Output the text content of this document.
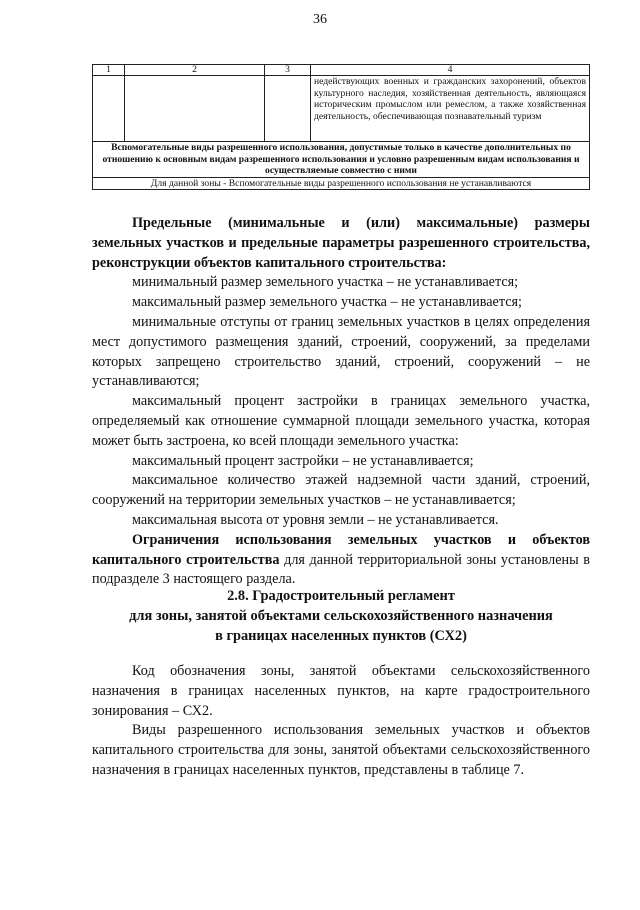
36
1	2	3	4
			недействующих военных и гражданских захоронений, объектов культурного наследия, хозяйственная деятельность, являющаяся историческим промыслом или ремеслом, а также хозяйственная деятельность, обеспечивающая познавательный туризм
Вспомогательные виды разрешенного использования, допустимые только в качестве дополнительных по отношению к основным видам разрешенного использования и условно разрешенным видам использования и осуществляемые совместно с ними			
Для данной зоны - Вспомогательные виды разрешенного использования не устанавливаются			

Предельные (минимальные и (или) максимальные) размеры земельных участков и предельные параметры разрешенного строительства, реконструкции объектов капитального строительства:

минимальный размер земельного участка – не устанавливается;

максимальный размер земельного участка – не устанавливается;

минимальные отступы от границ земельных участков в целях определения мест допустимого размещения зданий, строений, сооружений, за пределами которых запрещено строительство зданий, строений, сооружений – не устанавливаются;

максимальный процент застройки в границах земельного участка, определяемый как отношение суммарной площади земельного участка, которая может быть застроена, ко всей площади земельного участка:

максимальный процент застройки – не устанавливается;

максимальное количество этажей надземной части зданий, строений, сооружений на территории земельных участков – не устанавливается;

максимальная высота от уровня земли – не устанавливается.

Ограничения использования земельных участков и объектов капитального строительства для данной территориальной зоны установлены в подразделе 3 настоящего раздела.

2.8. Градостроительный регламент
для зоны, занятой объектами сельскохозяйственного назначения
в границах населенных пунктов (СХ2)

Код обозначения зоны, занятой объектами сельскохозяйственного назначения в границах населенных пунктов, на карте градостроительного зонирования – СХ2.

Виды разрешенного использования земельных участков и объектов капитального строительства для зоны, занятой объектами сельскохозяйственного назначения в границах населенных пунктов, представлены в таблице 7.
